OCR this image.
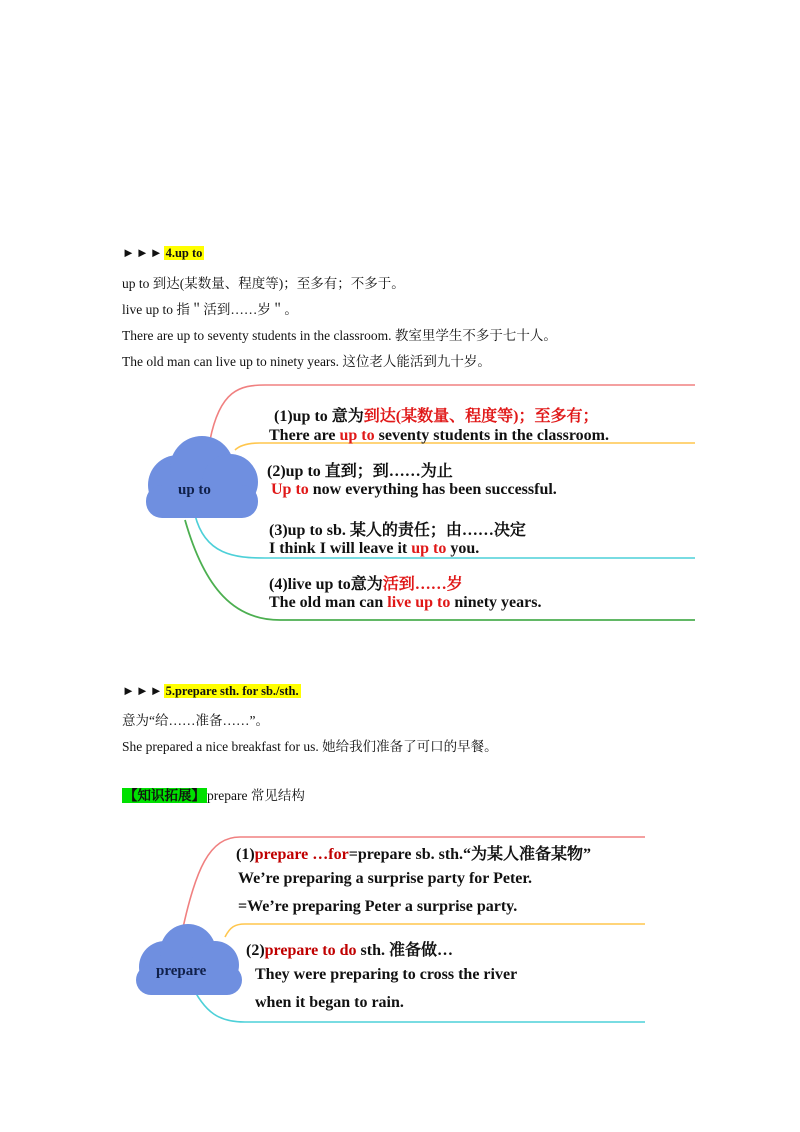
►►► 4.up to
up to 到达(某数量、程度等)；至多有；不多于。
live up to 指＂活到……岁＂。
There are up to seventy students in the classroom. 教室里学生不多于七十人。
The old man can live up to ninety years. 这位老人能活到九十岁。
up to
(1)up to 意为到达(某数量、程度等)；至多有；
There are up to seventy students in the classroom.
(2)up to 直到；到……为止
Up to now everything has been successful.
(3)up to sb. 某人的责任；由……决定
I think I will leave it up to you.
(4)live up to意为活到……岁
The old man can live up to ninety years.
►►► 5.prepare sth. for sb./sth.
意为“给……准备……”。
She prepared a nice breakfast for us. 她给我们准备了可口的早餐。
【知识拓展】 prepare 常见结构
prepare
(1)prepare …for=prepare sb. sth.“为某人准备某物”
We’re preparing a surprise party for Peter.
=We’re preparing Peter a surprise party.
(2)prepare to do sth. 准备做…
They were preparing to cross the river
when it began to rain.
